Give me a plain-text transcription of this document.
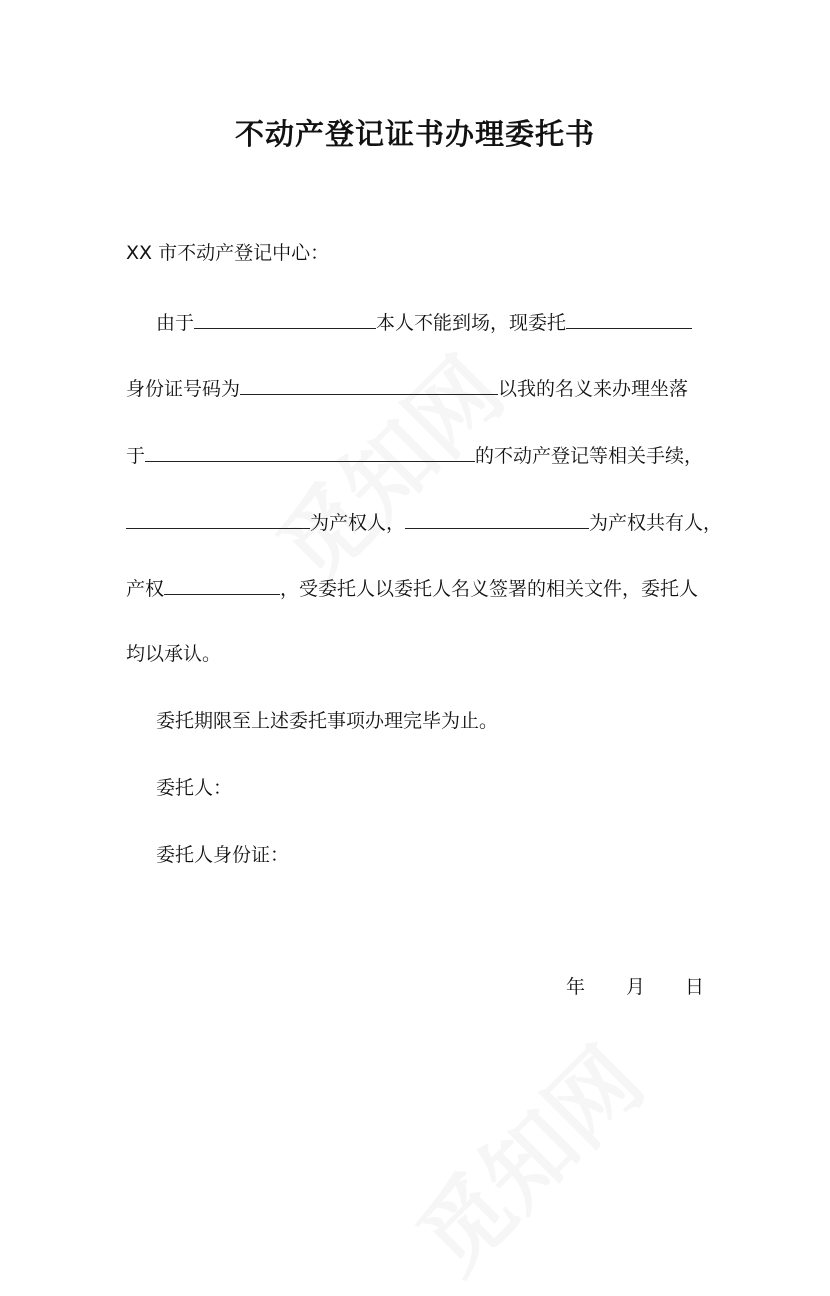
不动产登记证书办理委托书
XX 市不动产登记中心：
由于	本人不能到场，现委托
身份证号码为	以我的名义来办理坐落
于	的不动产登记等相关手续，
为产权人，	为产权共有人，
产权	，受委托人以委托人名义签署的相关文件，委托人
均以承认。
委托期限至上述委托事项办理完毕为止。
委托人：
委托人身份证：
年 月 日
